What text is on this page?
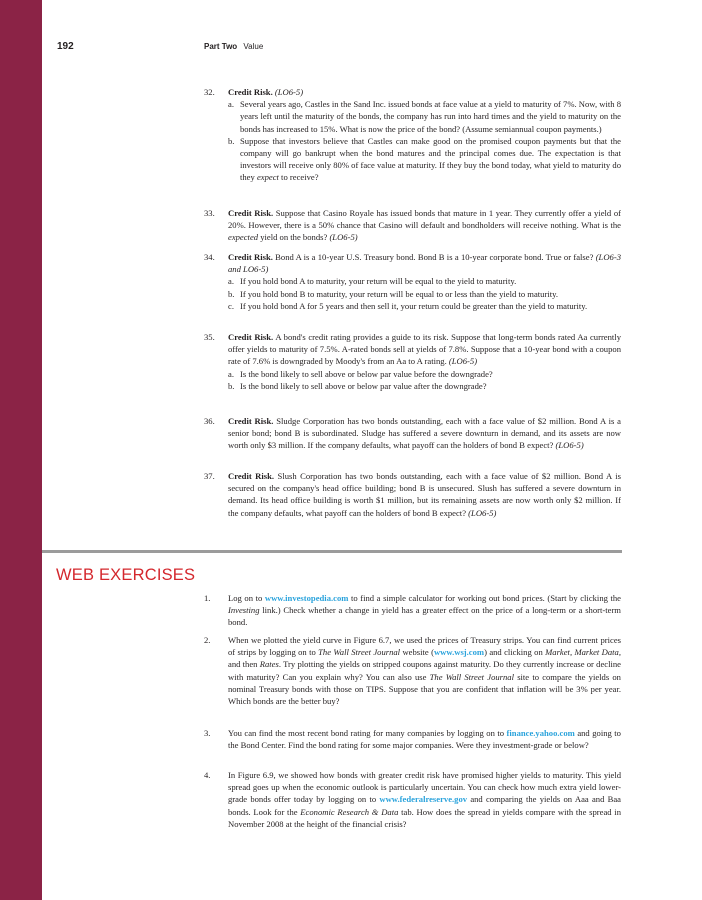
192	Part Two Value
32. Credit Risk. (LO6-5)
a. Several years ago, Castles in the Sand Inc. issued bonds at face value at a yield to maturity of 7%. Now, with 8 years left until the maturity of the bonds, the company has run into hard times and the yield to maturity on the bonds has increased to 15%. What is now the price of the bond? (Assume semiannual coupon payments.)
b. Suppose that investors believe that Castles can make good on the promised coupon payments but that the company will go bankrupt when the bond matures and the principal comes due. The expectation is that investors will receive only 80% of face value at maturity. If they buy the bond today, what yield to maturity do they expect to receive?
33. Credit Risk. Suppose that Casino Royale has issued bonds that mature in 1 year. They currently offer a yield of 20%. However, there is a 50% chance that Casino will default and bondholders will receive nothing. What is the expected yield on the bonds? (LO6-5)
34. Credit Risk. Bond A is a 10-year U.S. Treasury bond. Bond B is a 10-year corporate bond. True or false? (LO6-3 and LO6-5)
a. If you hold bond A to maturity, your return will be equal to the yield to maturity.
b. If you hold bond B to maturity, your return will be equal to or less than the yield to maturity.
c. If you hold bond A for 5 years and then sell it, your return could be greater than the yield to maturity.
35. Credit Risk. A bond's credit rating provides a guide to its risk. Suppose that long-term bonds rated Aa currently offer yields to maturity of 7.5%. A-rated bonds sell at yields of 7.8%. Suppose that a 10-year bond with a coupon rate of 7.6% is downgraded by Moody's from an Aa to A rating. (LO6-5)
a. Is the bond likely to sell above or below par value before the downgrade?
b. Is the bond likely to sell above or below par value after the downgrade?
36. Credit Risk. Sludge Corporation has two bonds outstanding, each with a face value of $2 million. Bond A is a senior bond; bond B is subordinated. Sludge has suffered a severe downturn in demand, and its assets are now worth only $3 million. If the company defaults, what payoff can the holders of bond B expect? (LO6-5)
37. Credit Risk. Slush Corporation has two bonds outstanding, each with a face value of $2 million. Bond A is secured on the company's head office building; bond B is unsecured. Slush has suffered a severe downturn in demand. Its head office building is worth $1 million, but its remaining assets are now worth only $2 million. If the company defaults, what payoff can the holders of bond B expect? (LO6-5)
WEB EXERCISES
1. Log on to www.investopedia.com to find a simple calculator for working out bond prices. (Start by clicking the Investing link.) Check whether a change in yield has a greater effect on the price of a long-term or a short-term bond.
2. When we plotted the yield curve in Figure 6.7, we used the prices of Treasury strips. You can find current prices of strips by logging on to The Wall Street Journal website (www.wsj.com) and clicking on Market, Market Data, and then Rates. Try plotting the yields on stripped coupons against maturity. Do they currently increase or decline with maturity? Can you explain why? You can also use The Wall Street Journal site to compare the yields on nominal Treasury bonds with those on TIPS. Suppose that you are confident that inflation will be 3% per year. Which bonds are the better buy?
3. You can find the most recent bond rating for many companies by logging on to finance.yahoo.com and going to the Bond Center. Find the bond rating for some major companies. Were they investment-grade or below?
4. In Figure 6.9, we showed how bonds with greater credit risk have promised higher yields to maturity. This yield spread goes up when the economic outlook is particularly uncertain. You can check how much extra yield lower-grade bonds offer today by logging on to www.federalreserve.gov and comparing the yields on Aaa and Baa bonds. Look for the Economic Research & Data tab. How does the spread in yields compare with the spread in November 2008 at the height of the financial crisis?
